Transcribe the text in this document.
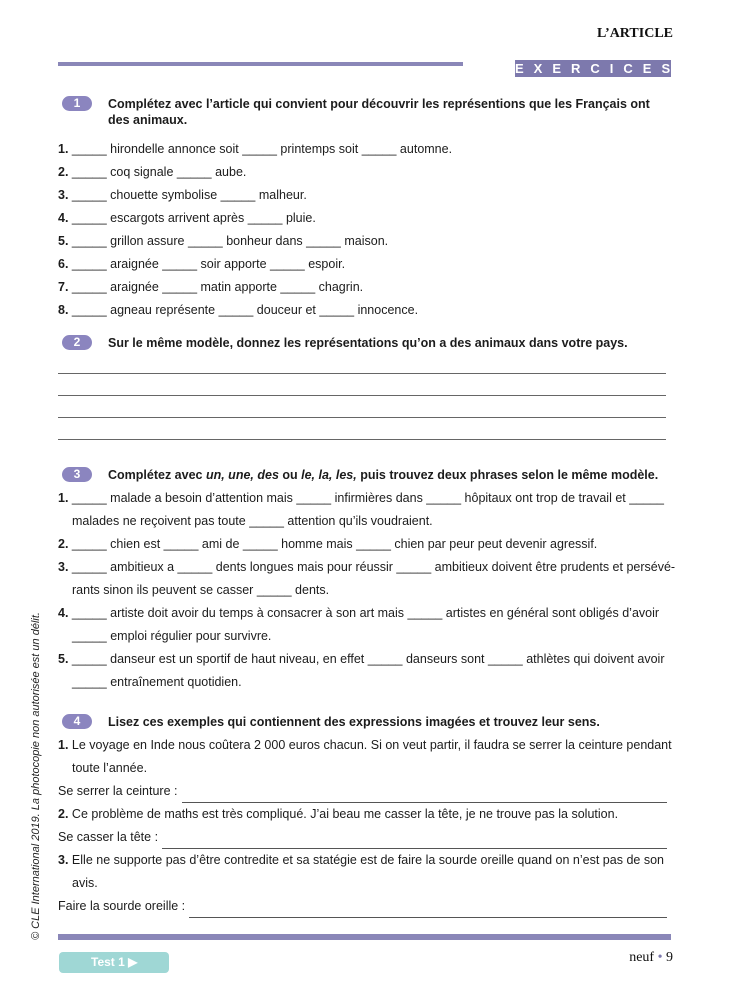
L’ARTICLE
EXERCICES
1	Complétez avec l’article qui convient pour découvrir les représentions que les Français ont des animaux.
1. _____ hirondelle annonce soit _____ printemps soit _____ automne.
2. _____ coq signale _____ aube.
3. _____ chouette symbolise _____ malheur.
4. _____ escargots arrivent après _____ pluie.
5. _____ grillon assure _____ bonheur dans _____ maison.
6. _____ araignée _____ soir apporte _____ espoir.
7. _____ araignée _____ matin apporte _____ chagrin.
8. _____ agneau représente _____ douceur et _____ innocence.
2	Sur le même modèle, donnez les représentations qu’on a des animaux dans votre pays.
3	Complétez avec un, une, des ou le, la, les, puis trouvez deux phrases selon le même modèle.
1. _____ malade a besoin d’attention mais _____ infirmières dans _____ hôpitaux ont trop de travail et _____
malades ne reçoivent pas toute _____ attention qu’ils voudraient.
2. _____ chien est _____ ami de _____ homme mais _____ chien par peur peut devenir agressif.
3. _____ ambitieux a _____ dents longues mais pour réussir _____ ambitieux doivent être prudents et persévé-
rants sinon ils peuvent se casser _____ dents.
4. _____ artiste doit avoir du temps à consacrer à son art mais _____ artistes en général sont obligés d’avoir
_____ emploi régulier pour survivre.
5. _____ danseur est un sportif de haut niveau, en effet _____ danseurs sont _____ athlètes qui doivent avoir
_____ entraînement quotidien.
4	Lisez ces exemples qui contiennent des expressions imagées et trouvez leur sens.
1. Le voyage en Inde nous coûtera 2 000 euros chacun. Si on veut partir, il faudra se serrer la ceinture pendant
toute l’année.
Se serrer la ceinture :
2. Ce problème de maths est très compliqué. J’ai beau me casser la tête, je ne trouve pas la solution.
Se casser la tête :
3. Elle ne supporte pas d’être contredite et sa statégie est de faire la sourde oreille quand on n’est pas de son
avis.
Faire la sourde oreille :
© CLE International 2019. La photocopie non autorisée est un délit.
Test 1 ▶	neuf • 9
